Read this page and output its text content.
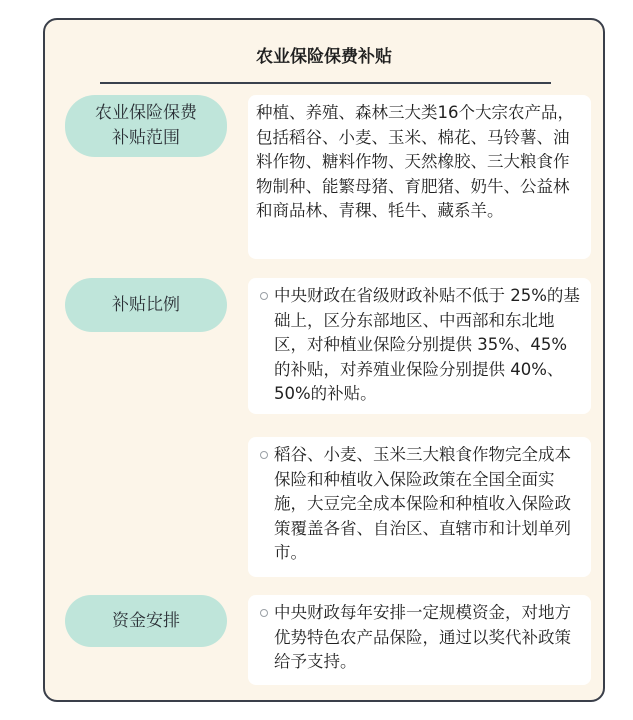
农业保险保费补贴
农业保险保费
补贴范围
种植、养殖、森林三大类16个大宗农产品，包括稻谷、小麦、玉米、棉花、马铃薯、油料作物、糖料作物、天然橡胶、三大粮食作物制种、能繁母猪、育肥猪、奶牛、公益林和商品林、青稞、牦牛、藏系羊。
补贴比例	中央财政在省级财政补贴不低于 25%的基础上，区分东部地区、中西部和东北地区，对种植业保险分别提供 35%、45% 的补贴，对养殖业保险分别提供 40%、50%的补贴。
稻谷、小麦、玉米三大粮食作物完全成本保险和种植收入保险政策在全国全面实施，大豆完全成本保险和种植收入保险政策覆盖各省、自治区、直辖市和计划单列市。
资金安排	中央财政每年安排一定规模资金，对地方优势特色农产品保险，通过以奖代补政策给予支持。
